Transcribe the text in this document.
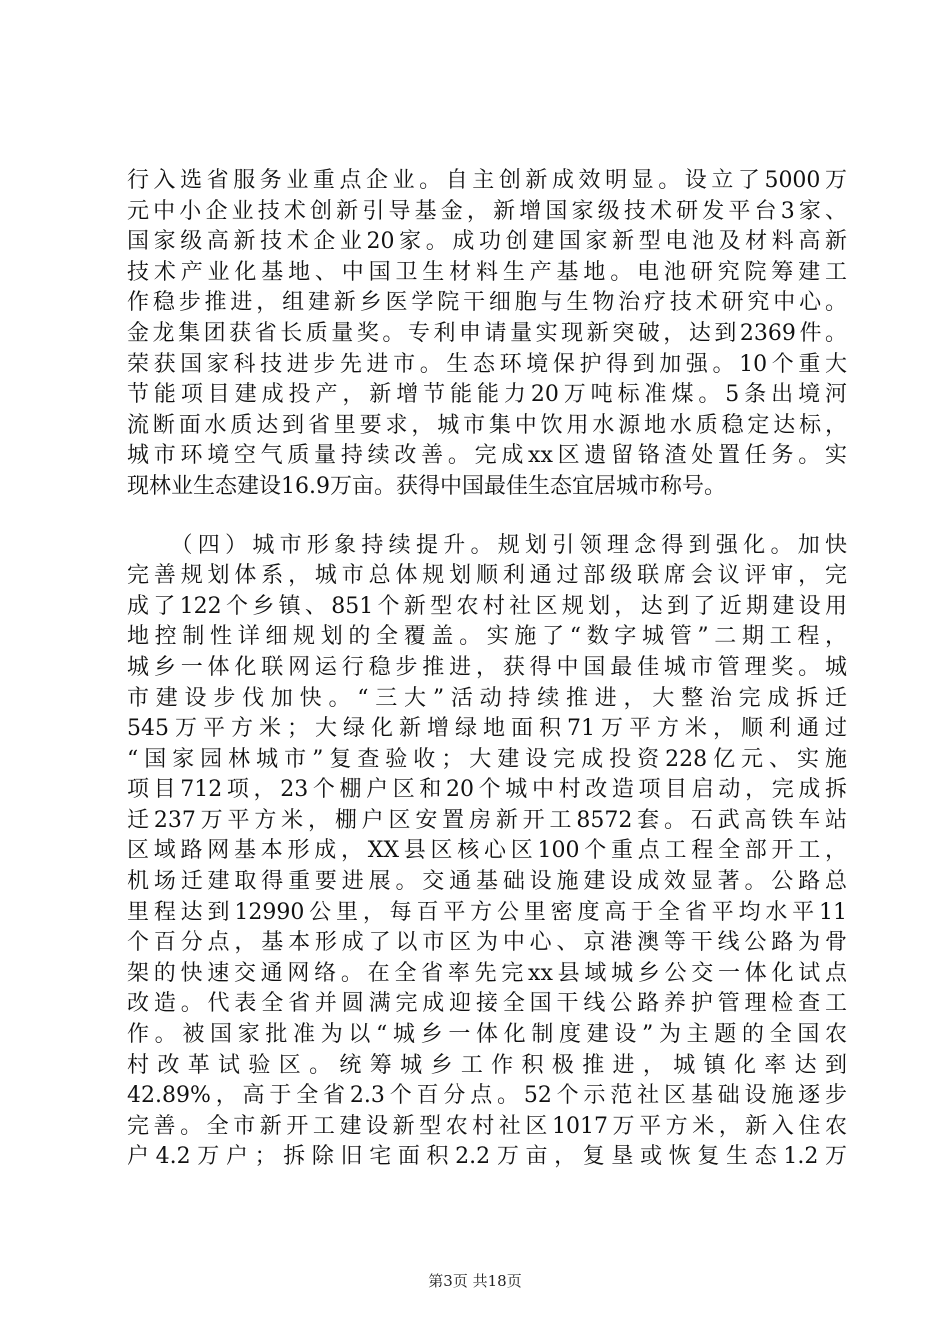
行入选省服务业重点企业。自主创新成效明显。设立了5000万
元中小企业技术创新引导基金，新增国家级技术研发平台3家、
国家级高新技术企业20家。成功创建国家新型电池及材料高新
技术产业化基地、中国卫生材料生产基地。电池研究院筹建工
作稳步推进，组建新乡医学院干细胞与生物治疗技术研究中心。
金龙集团获省长质量奖。专利申请量实现新突破，达到2369件。
荣获国家科技进步先进市。生态环境保护得到加强。10个重大
节能项目建成投产，新增节能能力20万吨标准煤。5条出境河
流断面水质达到省里要求，城市集中饮用水源地水质稳定达标，
城市环境空气质量持续改善。完成xx区遗留铬渣处置任务。实
现林业生态建设16.9万亩。获得中国最佳生态宜居城市称号。
　　（四）城市形象持续提升。规划引领理念得到强化。加快
完善规划体系，城市总体规划顺利通过部级联席会议评审，完
成了122个乡镇、851个新型农村社区规划，达到了近期建设用
地控制性详细规划的全覆盖。实施了“数字城管”二期工程，
城乡一体化联网运行稳步推进，获得中国最佳城市管理奖。城
市建设步伐加快。“三大”活动持续推进，大整治完成拆迁
545万平方米；大绿化新增绿地面积71万平方米，顺利通过
“国家园林城市”复查验收；大建设完成投资228亿元、实施
项目712项，23个棚户区和20个城中村改造项目启动，完成拆
迁237万平方米，棚户区安置房新开工8572套。石武高铁车站
区域路网基本形成，XX县区核心区100个重点工程全部开工，
机场迁建取得重要进展。交通基础设施建设成效显著。公路总
里程达到12990公里，每百平方公里密度高于全省平均水平11
个百分点，基本形成了以市区为中心、京港澳等干线公路为骨
架的快速交通网络。在全省率先完xx县域城乡公交一体化试点
改造。代表全省并圆满完成迎接全国干线公路养护管理检查工
作。被国家批准为以“城乡一体化制度建设”为主题的全国农
村改革试验区。统筹城乡工作积极推进，城镇化率达到
42.89%，高于全省2.3个百分点。52个示范社区基础设施逐步
完善。全市新开工建设新型农村社区1017万平方米，新入住农
户4.2万户；拆除旧宅面积2.2万亩，复垦或恢复生态1.2万
第3页 共18页
